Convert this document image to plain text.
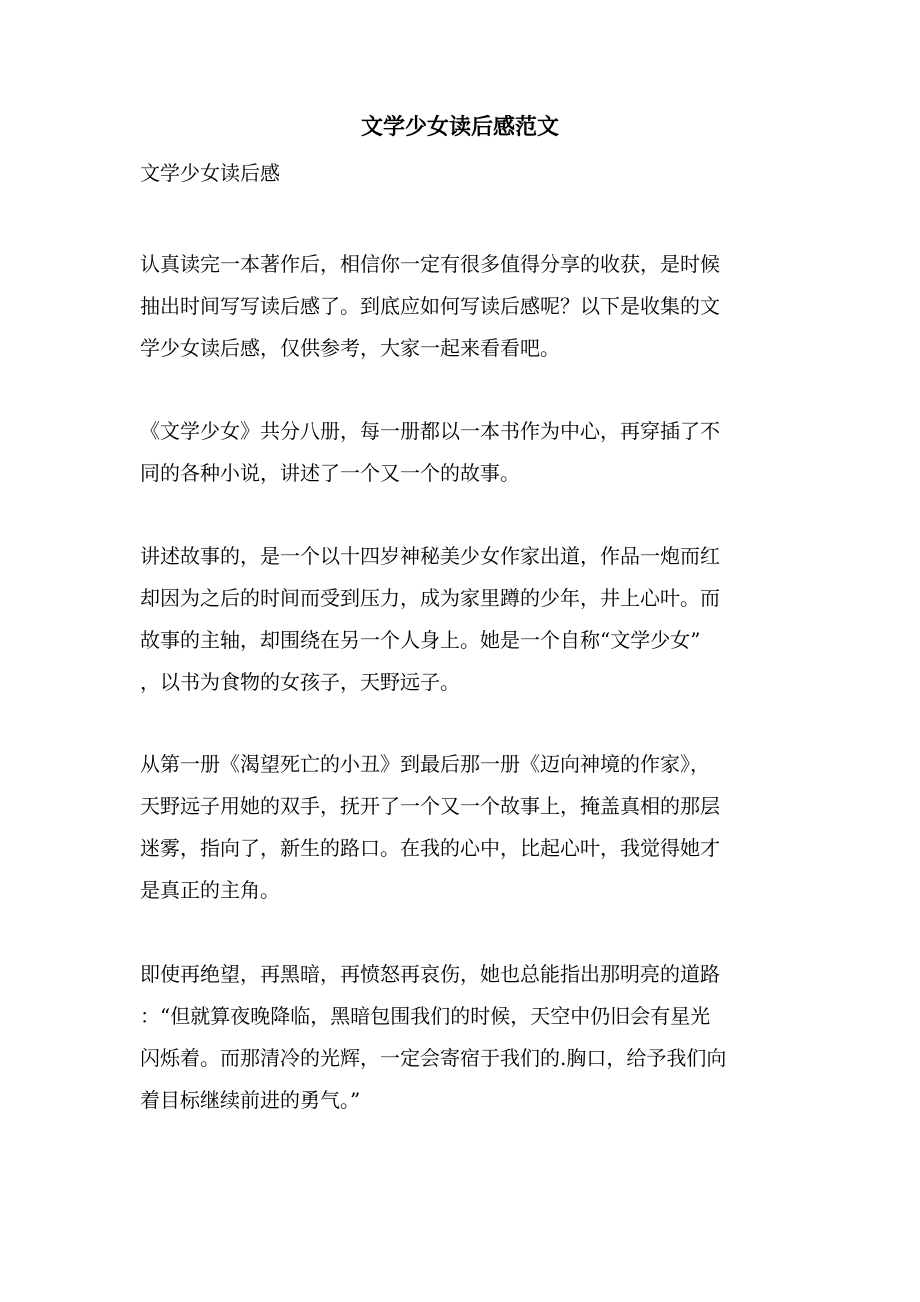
文学少女读后感范文
文学少女读后感

认真读完一本著作后，相信你一定有很多值得分享的收获，是时候
抽出时间写写读后感了。到底应如何写读后感呢？以下是收集的文
学少女读后感，仅供参考，大家一起来看看吧。

《文学少女》共分八册，每一册都以一本书作为中心，再穿插了不
同的各种小说，讲述了一个又一个的故事。

讲述故事的，是一个以十四岁神秘美少女作家出道，作品一炮而红
却因为之后的时间而受到压力，成为家里蹲的少年，井上心叶。而
故事的主轴，却围绕在另一个人身上。她是一个自称“文学少女”
，以书为食物的女孩子，天野远子。

从第一册《渴望死亡的小丑》到最后那一册《迈向神境的作家》，
天野远子用她的双手，抚开了一个又一个故事上，掩盖真相的那层
迷雾，指向了，新生的路口。在我的心中，比起心叶，我觉得她才
是真正的主角。

即使再绝望，再黑暗，再愤怒再哀伤，她也总能指出那明亮的道路
：“但就算夜晚降临，黑暗包围我们的时候，天空中仍旧会有星光
闪烁着。而那清冷的光辉，一定会寄宿于我们的.胸口，给予我们向
着目标继续前进的勇气。”
